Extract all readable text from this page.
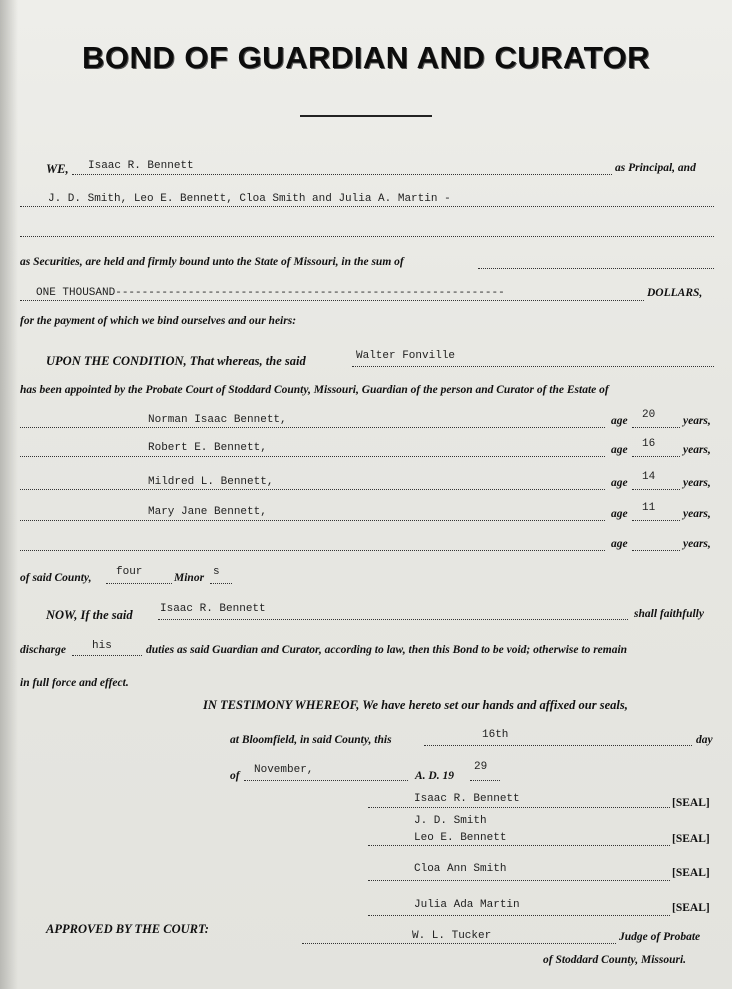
BOND OF GUARDIAN AND CURATOR
WE, Isaac R. Bennett	as Principal, and
J. D. Smith, Leo E. Bennett, Cloa Smith and Julia A. Martin -
as Securities, are held and firmly bound unto the State of Missouri, in the sum of
ONE THOUSAND-----------------------------------------------------------	DOLLARS,
for the payment of which we bind ourselves and our heirs:
UPON THE CONDITION, That whereas, the said	Walter Fonville
has been appointed by the Probate Court of Stoddard County, Missouri, Guardian of the person and Curator of the Estate of
Norman Isaac Bennett,	age 20 years,
Robert E. Bennett,	age 16 years,
Mildred L. Bennett,	age 14 years,
Mary Jane Bennett,	age 11 years,
age	years,
of said County, four	Minor s
NOW, If the said Isaac R. Bennett	shall faithfully
discharge his	duties as said Guardian and Curator, according to law, then this Bond to be void; otherwise to remain
in full force and effect.
IN TESTIMONY WHEREOF, We have hereto set our hands and affixed our seals,
at Bloomfield, in said County, this	16th	day
of November,	A. D. 19
29
Isaac R. Bennett	[SEAL]
J. D. Smith
Leo E. Bennett	[SEAL]
Cloa Ann Smith	[SEAL]
Julia Ada Martin	[SEAL]
APPROVED BY THE COURT:	W. L. Tucker	Judge of Probate
of Stoddard County, Missouri.
